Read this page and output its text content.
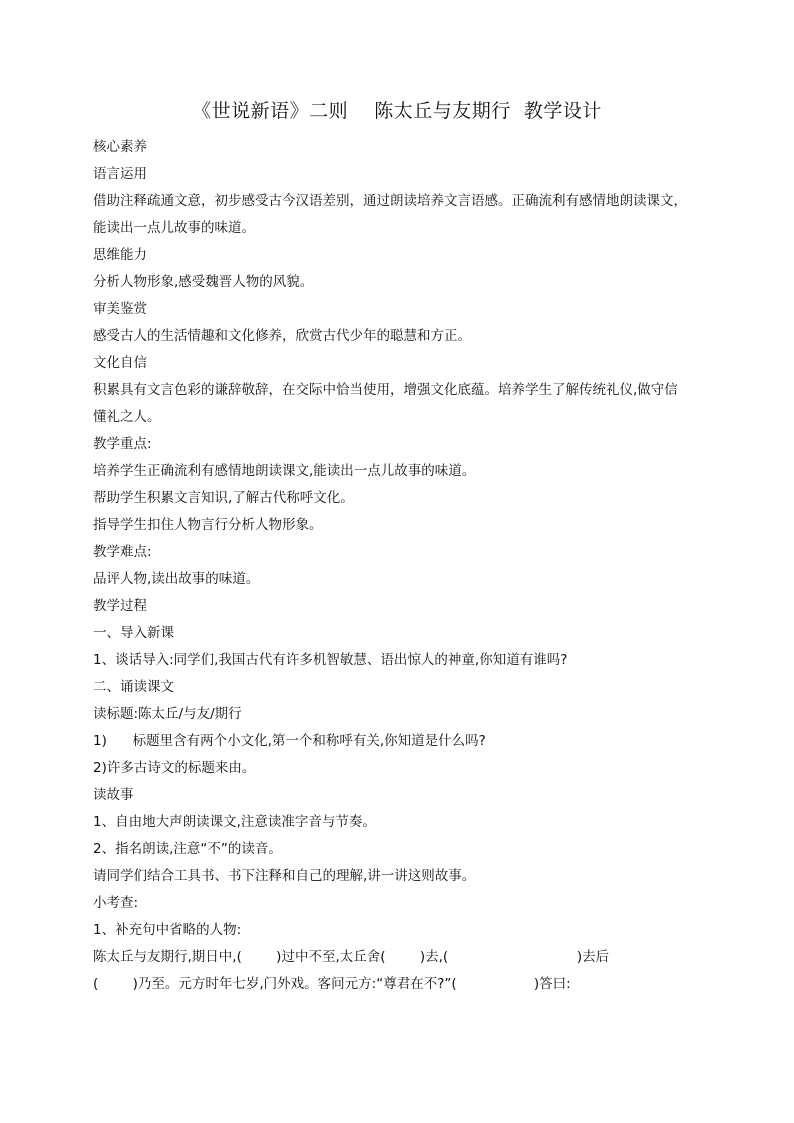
《世说新语》二则    陈太丘与友期行  教学设计
核心素养
语言运用
借助注释疏通文意，初步感受古今汉语差别，通过朗读培养文言语感。正确流利有感情地朗读课文，
能读出一点儿故事的味道。
思维能力
分析人物形象,感受魏晋人物的风貌。
审美鉴赏
感受古人的生活情趣和文化修养，欣赏古代少年的聪慧和方正。
文化自信
积累具有文言色彩的谦辞敬辞，在交际中恰当使用，增强文化底蕴。培养学生了解传统礼仪,做守信
懂礼之人。
教学重点:
培养学生正确流利有感情地朗读课文,能读出一点儿故事的味道。
帮助学生积累文言知识,了解古代称呼文化。
指导学生扣住人物言行分析人物形象。
教学难点:
品评人物,读出故事的味道。
教学过程
一、导入新课
1、谈话导入:同学们,我国古代有许多机智敏慧、语出惊人的神童,你知道有谁吗?
二、诵读课文
读标题:陈太丘/与友/期行
1)      标题里含有两个小文化,第一个和称呼有关,你知道是什么吗?
2)许多古诗文的标题来由。
读故事
1、自由地大声朗读课文,注意读准字音与节奏。
2、指名朗读,注意“不”的读音。
请同学们结合工具书、书下注释和自己的理解,讲一讲这则故事。
小考查:
1、补充句中省略的人物:
陈太丘与友期行,期日中,(        )过中不至,太丘舍(        )去,(                              )去后
(        )乃至。元方时年七岁,门外戏。客问元方:“尊君在不?”(                  )答曰:
